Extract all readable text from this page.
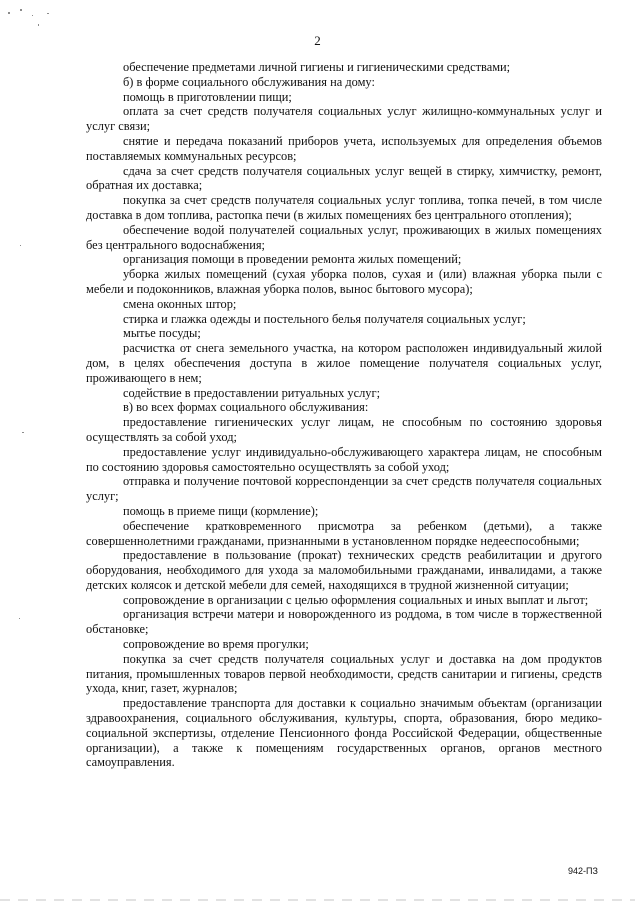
2

обеспечение предметами личной гигиены и гигиеническими средствами;

б) в форме социального обслуживания на дому:

помощь в приготовлении пищи;

оплата за счет средств получателя социальных услуг жилищно-коммунальных услуг и услуг связи;

снятие и передача показаний приборов учета, используемых для определения объемов поставляемых коммунальных ресурсов;

сдача за счет средств получателя социальных услуг вещей в стирку, химчистку, ремонт, обратная их доставка;

покупка за счет средств получателя социальных услуг топлива, топка печей, в том числе доставка в дом топлива, растопка печи (в жилых помещениях без центрального отопления);

обеспечение водой получателей социальных услуг, проживающих в жилых помещениях без центрального водоснабжения;

организация помощи в проведении ремонта жилых помещений;

уборка жилых помещений (сухая уборка полов, сухая и (или) влажная уборка пыли с мебели и подоконников, влажная уборка полов, вынос бытового мусора);

смена оконных штор;

стирка и глажка одежды и постельного белья получателя социальных услуг;

мытье посуды;

расчистка от снега земельного участка, на котором расположен индивидуальный жилой дом, в целях обеспечения доступа в жилое помещение получателя социальных услуг, проживающего в нем;

содействие в предоставлении ритуальных услуг;

в) во всех формах социального обслуживания:

предоставление гигиенических услуг лицам, не способным по состоянию здоровья осуществлять за собой уход;

предоставление услуг индивидуально-обслуживающего характера лицам, не способным по состоянию здоровья самостоятельно осуществлять за собой уход;

отправка и получение почтовой корреспонденции за счет средств получателя социальных услуг;

помощь в приеме пищи (кормление);

обеспечение кратковременного присмотра за ребенком (детьми), а также совершеннолетними гражданами, признанными в установленном порядке недееспособными;

предоставление в пользование (прокат) технических средств реабилитации и другого оборудования, необходимого для ухода за маломобильными гражданами, инвалидами, а также детских колясок и детской мебели для семей, находящихся в трудной жизненной ситуации;

сопровождение в организации с целью оформления социальных и иных выплат и льгот;

организация встречи матери и новорожденного из роддома, в том числе в торжественной обстановке;

сопровождение во время прогулки;

покупка за счет средств получателя социальных услуг и доставка на дом продуктов питания, промышленных товаров первой необходимости, средств санитарии и гигиены, средств ухода, книг, газет, журналов;

предоставление транспорта для доставки к социально значимым объектам (организации здравоохранения, социального обслуживания, культуры, спорта, образования, бюро медико-социальной экспертизы, отделение Пенсионного фонда Российской Федерации, общественные организации), а также к помещениям государственных органов, органов местного самоуправления.

942-ПЗ
